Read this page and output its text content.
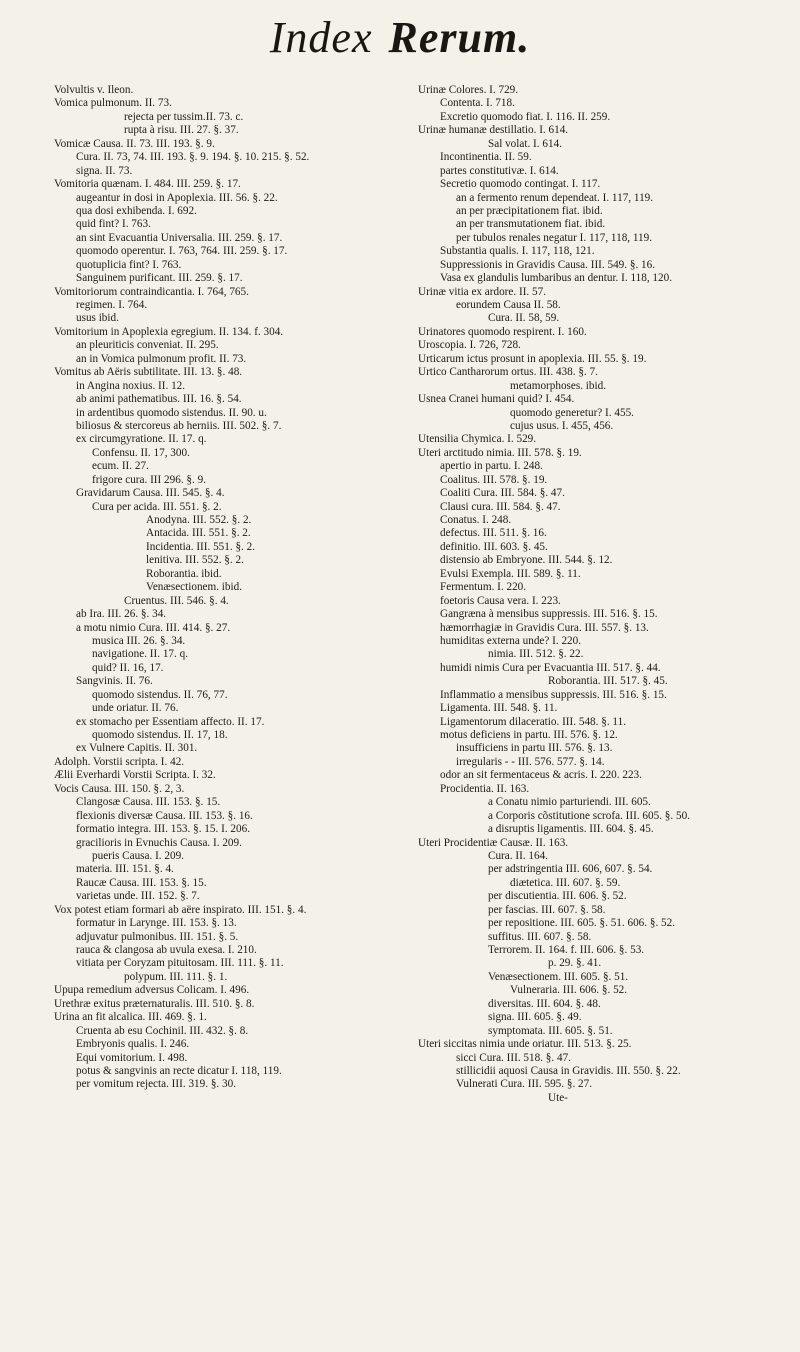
Index Rerum.
Volvultis v. Ileon.
Vomica pulmonum. II. 73.
rejecta per tussim.II. 73. c.
rupta à risu. III. 27. §. 37.
Vomicæ Causa. II. 73. III. 193. §. 9.
Cura. II. 73, 74. III. 193. §. 9. 194. §. 10. 215. §. 52.
signa. II. 73.
Vomitoria quænam. I. 484. III. 259. §. 17.
augeantur in dosi in Apoplexia. III. 56. §. 22.
qua dosi exhibenda. I. 692.
quid fint? I. 763.
an sint Evacuantia Universalia. III. 259. §. 17.
quomodo operentur. I. 763, 764. III. 259. §. 17.
quotuplicia fint? I. 763.
Sanguinem purificant. III. 259. §. 17.
Vomitoriorum contraindicantia. I. 764, 765.
regimen. I. 764.
usus ibid.
Vomitorium in Apoplexia egregium. II. 134. f. 304.
an pleuriticis conveniat. II. 295.
an in Vomica pulmonum profit. II. 73.
Vomitus ab Aëris subtilitate. III. 13. §. 48.
in Angina noxius. II. 12.
ab animi pathematibus. III. 16. §. 54.
in ardentibus quomodo sistendus. II. 90. u.
biliosus & stercoreus ab herniis. III. 502. §. 7.
ex circumgyratione. II. 17. q.
Confensu. II. 17, 300.
ecum. II. 27.
frigore cura. III 296. §. 9.
Gravidarum Causa. III. 545. §. 4.
Cura per acida. III. 551. §. 2.
Anodyna. III. 552. §. 2.
Antacida. III. 551. §. 2.
Incidentia. III. 551. §. 2.
lenitiva. III. 552. §. 2.
Roborantia. ibid.
Venæsectionem. ibid.
Cruentus. III. 546. §. 4.
ab Ira. III. 26. §. 34.
a motu nimio Cura. III. 414. §. 27.
musica III. 26. §. 34.
navigatione. II. 17. q.
quid? II. 16, 17.
Sangvinis. II. 76.
quomodo sistendus. II. 76, 77.
unde oriatur. II. 76.
ex stomacho per Essentiam affecto. II. 17.
quomodo sistendus. II. 17, 18.
ex Vulnere Capitis. II. 301.
Adolph. Vorstii scripta. I. 42.
Ælii Everhardi Vorstii Scripta. I. 32.
Vocis Causa. III. 150. §. 2, 3.
Clangosæ Causa. III. 153. §. 15.
flexionis diversæ Causa. III. 153. §. 16.
formatio integra. III. 153. §. 15. I. 206.
gracilioris in Evnuchis Causa. I. 209.
pueris Causa. I. 209.
materia. III. 151. §. 4.
Raucæ Causa. III. 153. §. 15.
varietas unde. III. 152. §. 7.
Vox potest etiam formari ab aëre inspirato. III. 151. §. 4.
formatur in Larynge. III. 153. §. 13.
adjuvatur pulmonibus. III. 151. §. 5.
rauca & clangosa ab uvula exesa. I. 210.
vitiata per Coryzam pituitosam. III. 111. §. 11.
polypum. III. 111. §. 1.
Upupa remedium adversus Colicam. I. 496.
Urethræ exitus præternaturalis. III. 510. §. 8.
Urina an fit alcalica. III. 469. §. 1.
Cruenta ab esu Cochinil. III. 432. §. 8.
Embryonis qualis. I. 246.
Equi vomitorium. I. 498.
potus & sangvinis an recte dicatur I. 118, 119.
per vomitum rejecta. III. 319. §. 30.
Urinæ Colores. I. 729.
Contenta. I. 718.
Excretio quomodo fiat. I. 116. II. 259.
Urinæ humanæ destillatio. I. 614.
Sal volat. I. 614.
Incontinentia. II. 59.
partes constitutivæ. I. 614.
Secretio quomodo contingat. I. 117.
an a fermento renum dependeat. I. 117, 119.
an per præcipitationem fiat. ibid.
an per transmutationem fiat. ibid.
per tubulos renales negatur I. 117, 118, 119.
Substantia qualis. I. 117, 118, 121.
Suppressionis in Gravidis Causa. III. 549. §. 16.
Vasa ex glandulis lumbaribus an dentur. I. 118, 120.
Urinæ vitia ex ardore. II. 57.
eorundem Causa II. 58.
Cura. II. 58, 59.
Urinatores quomodo respirent. I. 160.
Uroscopia. I. 726, 728.
Urticarum ictus prosunt in apoplexia. III. 55. §. 19.
Urtico Cantharorum ortus. III. 438. §. 7.
metamorphoses. ibid.
Usnea Cranei humani quid? I. 454.
quomodo generetur? I. 455.
cujus usus. I. 455, 456.
Utensilia Chymica. I. 529.
Uteri arctitudo nimia. III. 578. §. 19.
apertio in partu. I. 248.
Coalitus. III. 578. §. 19.
Coaliti Cura. III. 584. §. 47.
Clausi cura. III. 584. §. 47.
Conatus. I. 248.
defectus. III. 511. §. 16.
definitio. III. 603. §. 45.
distensio ab Embryone. III. 544. §. 12.
Evulsi Exempla. III. 589. §. 11.
Fermentum. I. 220.
foetoris Causa vera. I. 223.
Gangræna à mensibus suppressis. III. 516. §. 15.
hæmorrhagiæ in Gravidis Cura. III. 557. §. 13.
humiditas externa unde? I. 220.
nimia. III. 512. §. 22.
humidi nimis Cura per Evacuantia III. 517. §. 44.
Roborantia. III. 517. §. 45.
Inflammatio a mensibus suppressis. III. 516. §. 15.
Ligamenta. III. 548. §. 11.
Ligamentorum dilaceratio. III. 548. §. 11.
motus deficiens in partu. III. 576. §. 12.
insufficiens in partu III. 576. §. 13.
irregularis - - III. 576. 577. §. 14.
odor an sit fermentaceus & acris. I. 220. 223.
Procidentia. II. 163.
a Conatu nimio parturiendi. III. 605.
a Corporis cõstitutione scrofa. III. 605. §. 50.
a disruptis ligamentis. III. 604. §. 45.
Uteri Procidentiæ Causæ. II. 163.
Cura. II. 164.
per adstringentia III. 606, 607. §. 54.
diætetica. III. 607. §. 59.
per discutientia. III. 606. §. 52.
per fascias. III. 607. §. 58.
per repositione. III. 605. §. 51. 606. §. 52.
suffitus. III. 607. §. 58.
Terrorem. II. 164. f. III. 606. §. 53.
p. 29. §. 41.
Venæsectionem. III. 605. §. 51.
Vulneraria. III. 606. §. 52.
diversitas. III. 604. §. 48.
signa. III. 605. §. 49.
symptomata. III. 605. §. 51.
Uteri siccitas nimia unde oriatur. III. 513. §. 25.
sicci Cura. III. 518. §. 47.
stillicidii aquosi Causa in Gravidis. III. 550. §. 22.
Vulnerati Cura. III. 595. §. 27.
Ute-
